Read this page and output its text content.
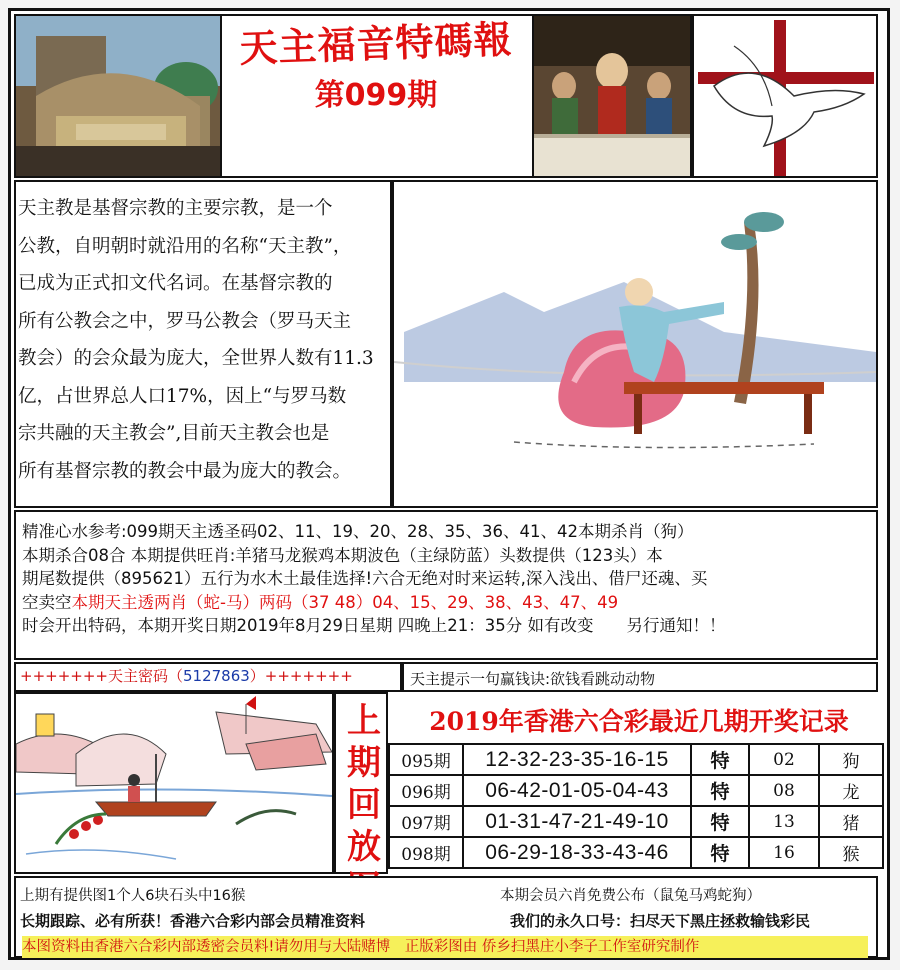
天主福音特碼報
第099期
天主教是基督宗教的主要宗教，是一个
公教，自明朝时就沿用的名称“天主教”，
已成为正式扣文代名词。在基督宗教的
所有公教会之中，罗马公教会（罗马天主
教会）的会众最为庞大，全世界人数有11.3
亿，占世界总人口17%，因上“与罗马数
宗共融的天主教会”,目前天主教会也是
所有基督宗教的教会中最为庞大的教会。
精准心水参考:099期天主透圣码02、11、19、20、28、35、36、41、42本期杀肖（狗）
本期杀合08合 本期提供旺肖:羊猪马龙猴鸡本期波色（主绿防蓝）头数提供（123头）本
期尾数提供（895621）五行为水木土最佳选择!六合无绝对时来运转,深入浅出、借尸还魂、买
空卖空本期天主透两肖（蛇-马）两码（37 48）04、15、29、38、43、47、49
时会开出特码，本期开奖日期2019年8月29日星期 四晚上21：35分 如有改变　　另行通知！！
+++++++天主密码（5127863）+++++++	天主提示一句赢钱诀:欲钱看跳动动物
上
期
回
放
2019年香港六合彩最近几期开奖记录
095期	12-32-23-35-16-15	特	02	狗
096期	06-42-01-05-04-43	特	08	龙
097期	01-31-47-21-49-10	特	13	猪
098期	06-29-18-33-43-46	特	16	猴
上期有提供图1个人6块石头中16猴	本期会员六肖免费公布（鼠兔马鸡蛇狗）
长期跟踪、必有所获！香港六合彩内部会员精准资料	我们的永久口号：扫尽天下黑庄拯救输钱彩民
本图资料由香港六合彩内部透密会员料!请勿用与大陆赌博　正版彩图由 侨乡扫黑庄小李子工作室研究制作
